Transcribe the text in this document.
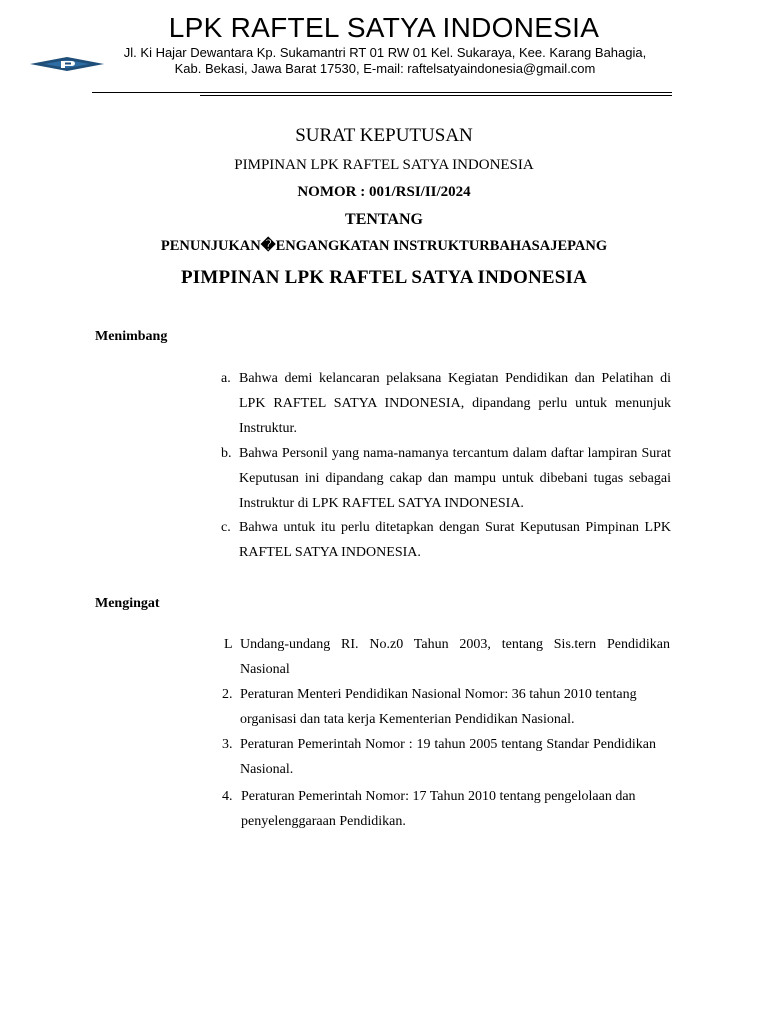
LPK RAFTEL SATYA INDONESIA
Jl. Ki Hajar Dewantara Kp. Sukamantri RT 01 RW 01 Kel. Sukaraya, Kee. Karang Bahagia,
Kab. Bekasi, Jawa Barat 17530, E-mail: raftelsatyaindonesia@gmail.com
SURAT KEPUTUSAN
PIMPINAN LPK RAFTEL SATYA INDONESIA
NOMOR : 001/RSI/II/2024
TENTANG
PENUNJUKAN�ENGANGKATAN INSTRUKTURBAHASAJEPANG
PIMPINAN LPK RAFTEL SATYA INDONESIA
Menimbang
a. Bahwa demi kelancaran pelaksana Kegiatan Pendidikan dan Pelatihan di LPK RAFTEL SATYA INDONESIA, dipandang perlu untuk menunjuk Instruktur.
b. Bahwa Personil yang nama-namanya tercantum dalam daftar lampiran Surat Keputusan ini dipandang cakap dan mampu untuk dibebani tugas sebagai Instruktur di LPK RAFTEL SATYA INDONESIA.
c. Bahwa untuk itu perlu ditetapkan dengan Surat Keputusan Pimpinan LPK RAFTEL SATYA INDONESIA.
Mengingat
L Undang-undang RI. No.z0 Tahun 2003, tentang Sis.tern Pendidikan Nasional
2. Peraturan Menteri Pendidikan Nasional Nomor: 36 tahun 2010 tentang organisasi dan tata kerja Kementerian Pendidikan Nasional.
3. Peraturan Pemerintah Nomor : 19 tahun 2005 tentang Standar Pendidikan Nasional.
4. Peraturan Pemerintah Nomor: 17 Tahun 2010 tentang pengelolaan dan penyelenggaraan Pendidikan.
